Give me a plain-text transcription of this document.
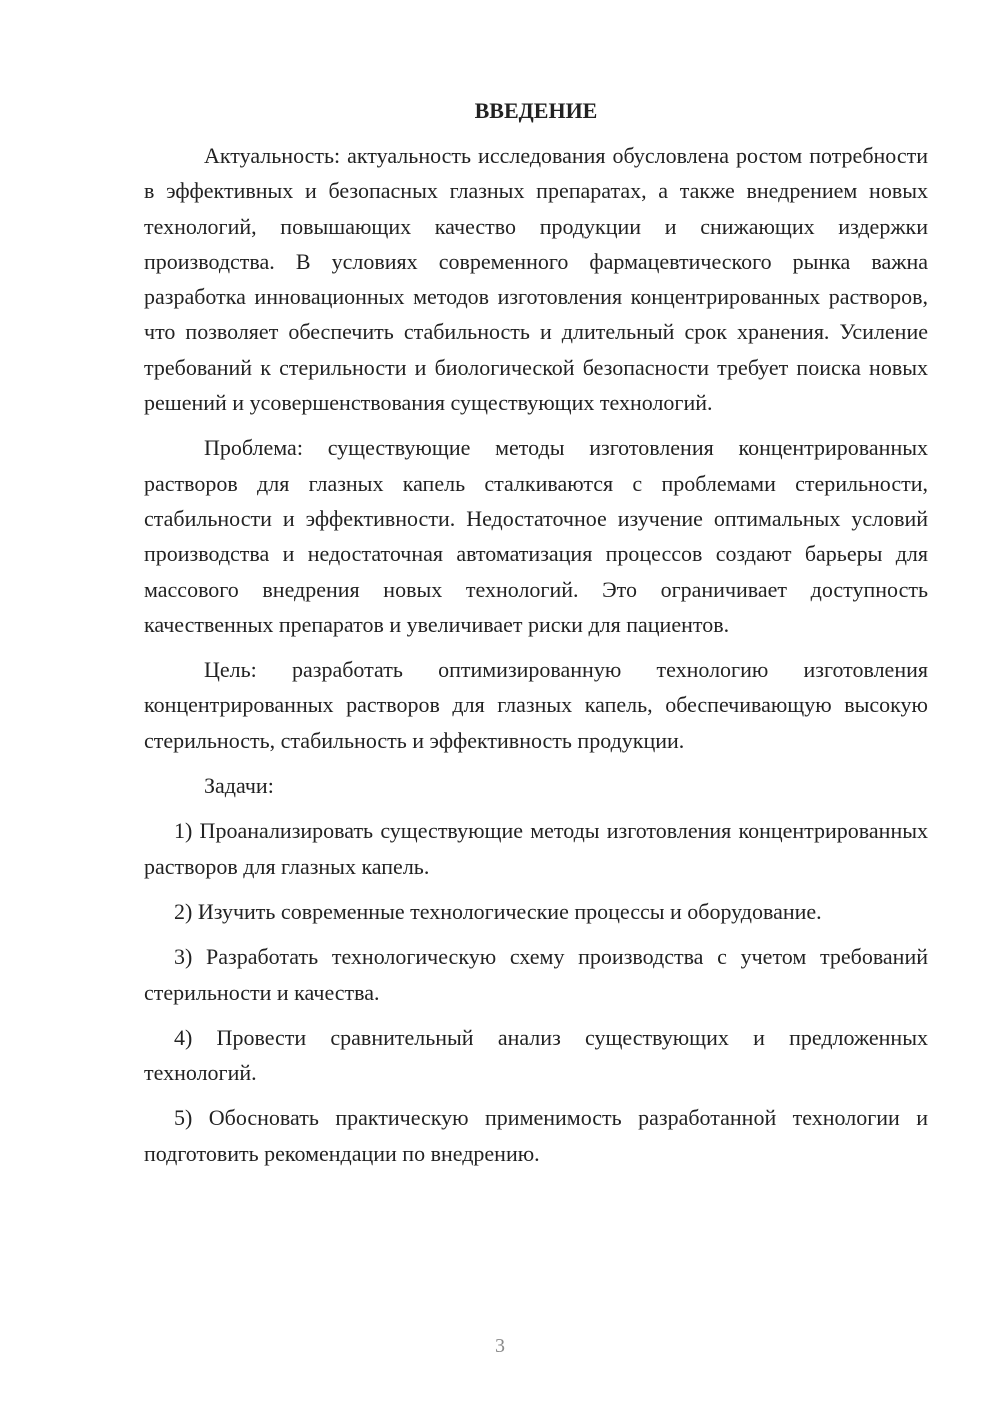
ВВЕДЕНИЕ

Актуальность: актуальность исследования обусловлена ростом потребности в эффективных и безопасных глазных препаратах, а также внедрением новых технологий, повышающих качество продукции и снижающих издержки производства. В условиях современного фармацевтического рынка важна разработка инновационных методов изготовления концентрированных растворов, что позволяет обеспечить стабильность и длительный срок хранения. Усиление требований к стерильности и биологической безопасности требует поиска новых решений и усовершенствования существующих технологий.

Проблема: существующие методы изготовления концентрированных растворов для глазных капель сталкиваются с проблемами стерильности, стабильности и эффективности. Недостаточное изучение оптимальных условий производства и недостаточная автоматизация процессов создают барьеры для массового внедрения новых технологий. Это ограничивает доступность качественных препаратов и увеличивает риски для пациентов.

Цель: разработать оптимизированную технологию изготовления концентрированных растворов для глазных капель, обеспечивающую высокую стерильность, стабильность и эффективность продукции.

Задачи:

1) Проанализировать существующие методы изготовления концентрированных растворов для глазных капель.

2) Изучить современные технологические процессы и оборудование.

3) Разработать технологическую схему производства с учетом требований стерильности и качества.

4) Провести сравнительный анализ существующих и предложенных технологий.

5) Обосновать практическую применимость разработанной технологии и подготовить рекомендации по внедрению.

3
